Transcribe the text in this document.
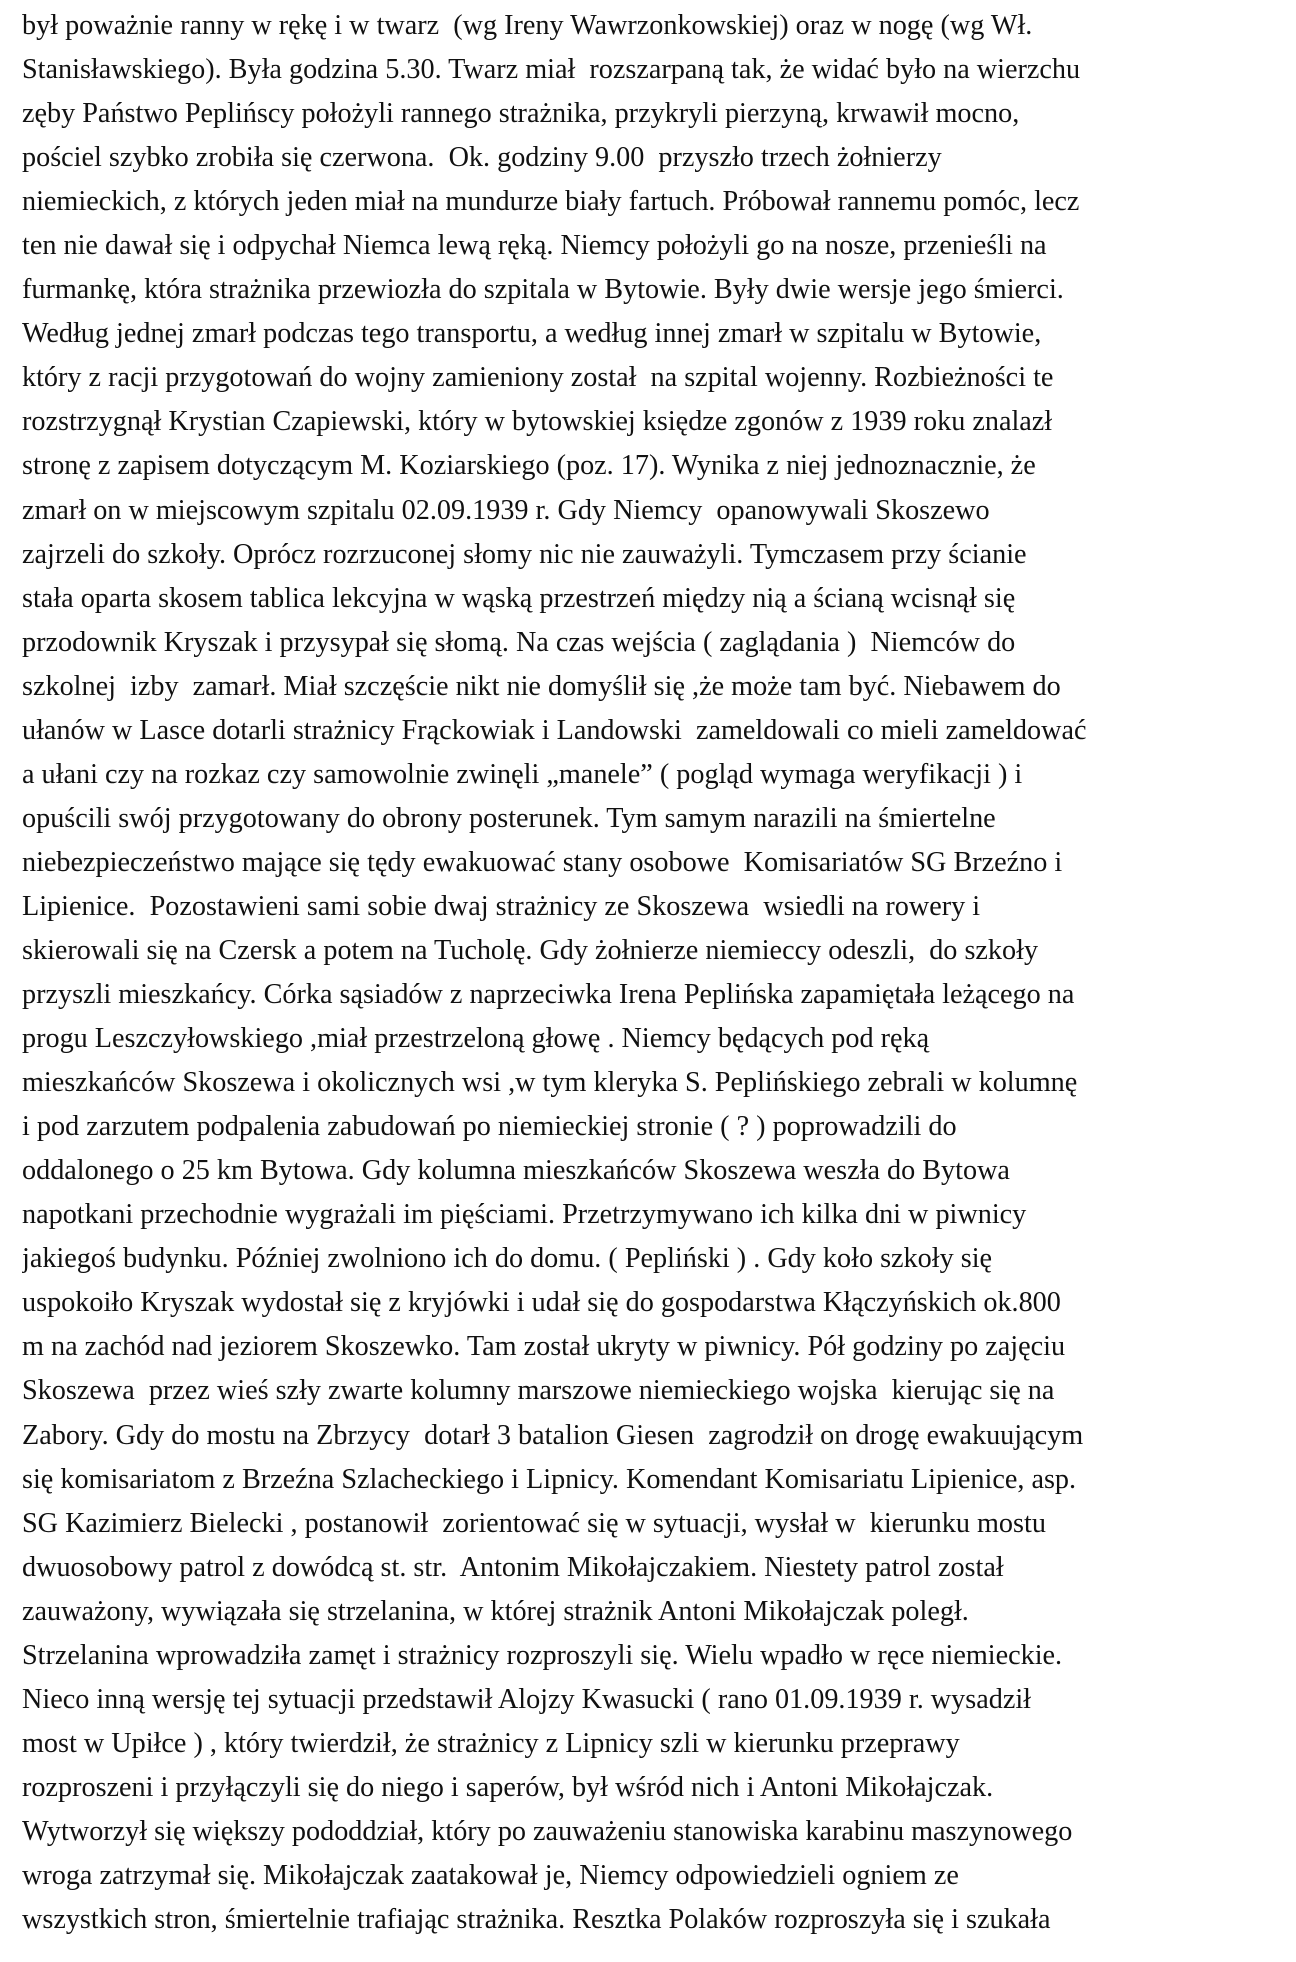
był poważnie ranny w rękę i w twarz  (wg Ireny Wawrzonkowskiej) oraz w nogę (wg Wł.
Stanisławskiego). Była godzina 5.30. Twarz miał  rozszarpaną tak, że widać było na wierzchu
zęby Państwo Peplińscy położyli rannego strażnika, przykryli pierzyną, krwawił mocno,
pościel szybko zrobiła się czerwona.  Ok. godziny 9.00  przyszło trzech żołnierzy
niemieckich, z których jeden miał na mundurze biały fartuch. Próbował rannemu pomóc, lecz
ten nie dawał się i odpychał Niemca lewą ręką. Niemcy położyli go na nosze, przenieśli na
furmankę, która strażnika przewiozła do szpitala w Bytowie. Były dwie wersje jego śmierci.
Według jednej zmarł podczas tego transportu, a według innej zmarł w szpitalu w Bytowie,
który z racji przygotowań do wojny zamieniony został  na szpital wojenny. Rozbieżności te
rozstrzygnął Krystian Czapiewski, który w bytowskiej księdze zgonów z 1939 roku znalazł
stronę z zapisem dotyczącym M. Koziarskiego (poz. 17). Wynika z niej jednoznacznie, że
zmarł on w miejscowym szpitalu 02.09.1939 r. Gdy Niemcy  opanowywali Skoszewo
zajrzeli do szkoły. Oprócz rozrzuconej słomy nic nie zauważyli. Tymczasem przy ścianie
stała oparta skosem tablica lekcyjna w wąską przestrzeń między nią a ścianą wcisnął się
przodownik Kryszak i przysypał się słomą. Na czas wejścia ( zaglądania )  Niemców do
szkolnej  izby  zamarł. Miał szczęście nikt nie domyślił się ,że może tam być. Niebawem do
ułanów w Lasce dotarli strażnicy Frąckowiak i Landowski  zameldowali co mieli zameldować
a ułani czy na rozkaz czy samowolnie zwinęli „manele” ( pogląd wymaga weryfikacji ) i
opuścili swój przygotowany do obrony posterunek. Tym samym narazili na śmiertelne
niebezpieczeństwo mające się tędy ewakuować stany osobowe  Komisariatów SG Brzeźno i
Lipienice.  Pozostawieni sami sobie dwaj strażnicy ze Skoszewa  wsiedli na rowery i
skierowali się na Czersk a potem na Tucholę. Gdy żołnierze niemieccy odeszli,  do szkoły
przyszli mieszkańcy. Córka sąsiadów z naprzeciwka Irena Peplińska zapamiętała leżącego na
progu Leszczyłowskiego ,miał przestrzeloną głowę . Niemcy będących pod ręką
mieszkańców Skoszewa i okolicznych wsi ,w tym kleryka S. Peplińskiego zebrali w kolumnę
i pod zarzutem podpalenia zabudowań po niemieckiej stronie ( ? ) poprowadzili do
oddalonego o 25 km Bytowa. Gdy kolumna mieszkańców Skoszewa weszła do Bytowa
napotkani przechodnie wygrażali im pięściami. Przetrzymywano ich kilka dni w piwnicy
jakiegoś budynku. Później zwolniono ich do domu. ( Pepliński ) . Gdy koło szkoły się
uspokoiło Kryszak wydostał się z kryjówki i udał się do gospodarstwa Kłączyńskich ok.800
m na zachód nad jeziorem Skoszewko. Tam został ukryty w piwnicy. Pół godziny po zajęciu
Skoszewa  przez wieś szły zwarte kolumny marszowe niemieckiego wojska  kierując się na
Zabory. Gdy do mostu na Zbrzycy  dotarł 3 batalion Giesen  zagrodził on drogę ewakuującym
się komisariatom z Brzeźna Szlacheckiego i Lipnicy. Komendant Komisariatu Lipienice, asp.
SG Kazimierz Bielecki , postanowił  zorientować się w sytuacji, wysłał w  kierunku mostu
dwuosobowy patrol z dowódcą st. str.  Antonim Mikołajczakiem. Niestety patrol został
zauważony, wywiązała się strzelanina, w której strażnik Antoni Mikołajczak poległ.
Strzelanina wprowadziła zamęt i strażnicy rozproszyli się. Wielu wpadło w ręce niemieckie.
Nieco inną wersję tej sytuacji przedstawił Alojzy Kwasucki ( rano 01.09.1939 r. wysadził
most w Upiłce ) , który twierdził, że strażnicy z Lipnicy szli w kierunku przeprawy
rozproszeni i przyłączyli się do niego i saperów, był wśród nich i Antoni Mikołajczak.
Wytworzył się większy pododdział, który po zauważeniu stanowiska karabinu maszynowego
wroga zatrzymał się. Mikołajczak zaatakował je, Niemcy odpowiedzieli ogniem ze
wszystkich stron, śmiertelnie trafiając strażnika. Resztka Polaków rozproszyła się i szukała
